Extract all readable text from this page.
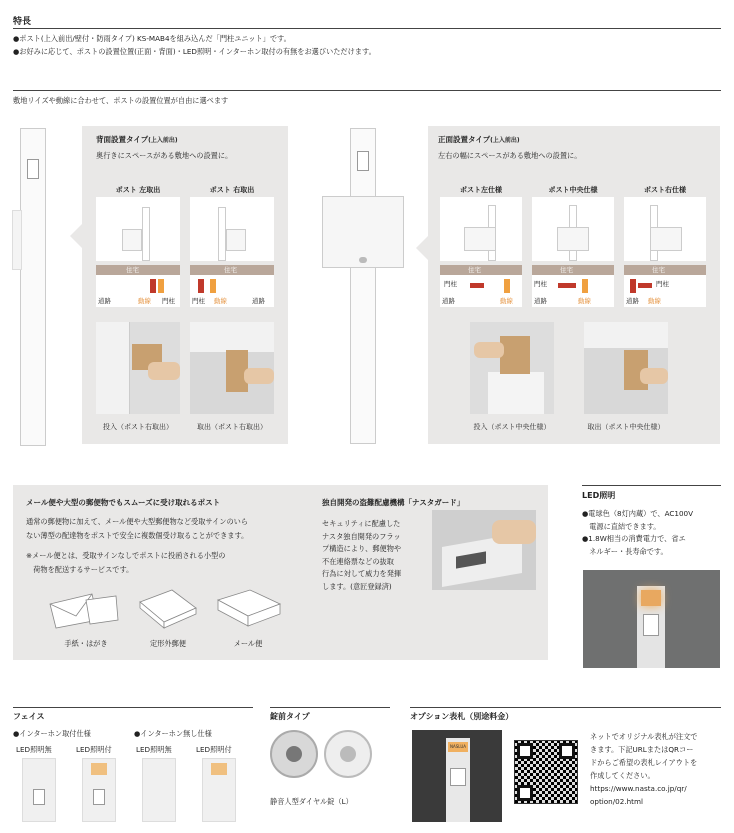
特長
●ポスト(上入前出/壁付・防雨タイプ) KS-MAB4を組み込んだ「門柱ユニット」です。
●お好みに応じて、ポストの設置位置(正面・背面)・LED照明・インターホン取付の有無をお選びいただけます。
敷地リイズや動線に合わせて、ポストの設置位置が自由に選べます
背面設置タイプ(上入前出)
奥行きにスペースがある敷地への設置に。
ポスト 左取出	ポスト 右取出
住宅
道路	動線 門柱
住宅
門柱 動線	道路
投入（ポスト右取出）	取出（ポスト右取出）
正面設置タイプ(上入前出)
左右の幅にスペースがある敷地への設置に。
ポスト左仕様	ポスト中央仕様	ポスト右仕様
住宅
門柱
道路	動線
住宅
門柱
道路	動線
住宅
門柱
道路 動線
投入（ポスト中央仕様）	取出（ポスト中央仕様）
メール便や大型の郵便物でもスムーズに受け取れるポスト
通常の郵便物に加えて、メール便や大型郵便物など受取サインのいら
ない薄型の配達物をポストで安全に複数個受け取ることができます。
※メール便とは、受取サインなしでポストに投函される小型の
　荷物を配送するサービスです。
手紙・はがき	定形外郵便	メール便
独自開発の盗難配慮機構「ナスタガード」
セキュリティに配慮した
ナスタ独自開発のフラッ
プ構造により、郵便物や
不在連絡票などの抜取
行為に対して威力を発揮
します。(意匠登録済)
LED照明
●電球色（8灯内蔵）で、AC100V
　電源に直結できます。
●1.8W相当の消費電力で、省エ
　ネルギー・長寿命です。
フェイス
●インターホン取付仕様	●インターホン無し仕様
LED照明無	LED照明付	LED照明無	LED照明付
錠前タイプ
静音人型ダイヤル錠（L）
オプション表札（別途料金）
NASLUA
ネットでオリジナル表札が注文で
きます。下記URLまたはQRコー
ドからご希望の表札レイアウトを
作成してください。
https://www.nasta.co.jp/qr/
option/02.html
